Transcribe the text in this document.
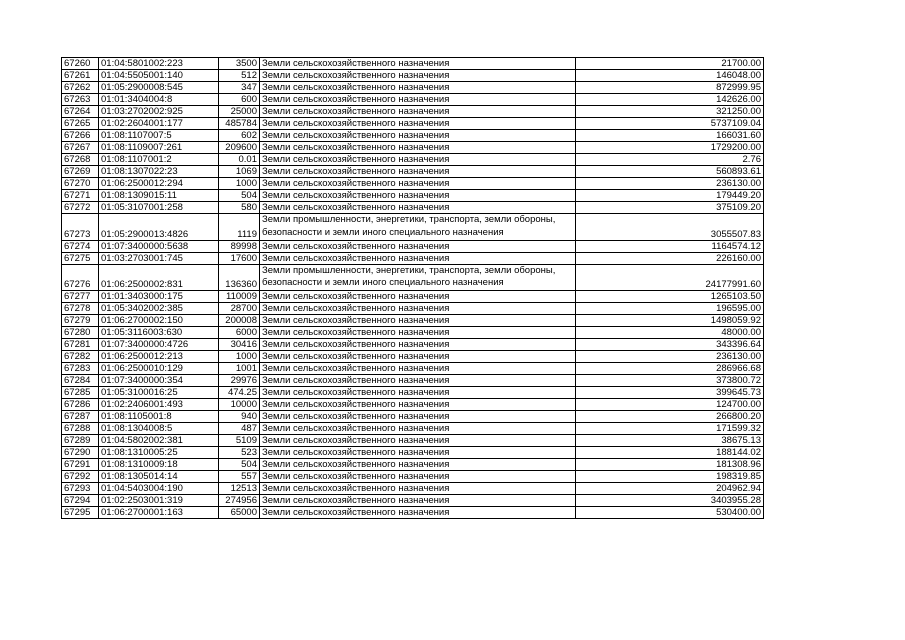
67260	01:04:5801002:223	3500	Земли сельскохозяйственного назначения	21700.00
67261	01:04:5505001:140	512	Земли сельскохозяйственного назначения	146048.00
67262	01:05:2900008:545	347	Земли сельскохозяйственного назначения	872999.95
67263	01:01:3404004:8	600	Земли сельскохозяйственного назначения	142626.00
67264	01:03:2702002:925	25000	Земли сельскохозяйственного назначения	321250.00
67265	01:02:2604001:177	485784	Земли сельскохозяйственного назначения	5737109.04
67266	01:08:1107007:5	602	Земли сельскохозяйственного назначения	166031.60
67267	01:08:1109007:261	209600	Земли сельскохозяйственного назначения	1729200.00
67268	01:08:1107001:2	0.01	Земли сельскохозяйственного назначения	2.76
67269	01:08:1307022:23	1069	Земли сельскохозяйственного назначения	560893.61
67270	01:06:2500012:294	1000	Земли сельскохозяйственного назначения	236130.00
67271	01:08:1309015:11	504	Земли сельскохозяйственного назначения	179449.20
67272	01:05:3107001:258	580	Земли сельскохозяйственного назначения	375109.20
67273	01:05:2900013:4826	1119	Земли промышленности, энергетики, транспорта, земли обороны, безопасности и земли иного специального назначения	3055507.83
67274	01:07:3400000:5638	89998	Земли сельскохозяйственного назначения	1164574.12
67275	01:03:2703001:745	17600	Земли сельскохозяйственного назначения	226160.00
67276	01:06:2500002:831	136360	Земли промышленности, энергетики, транспорта, земли обороны, безопасности и земли иного специального назначения	24177991.60
67277	01:01:3403000:175	110009	Земли сельскохозяйственного назначения	1265103.50
67278	01:05:3402002:385	28700	Земли сельскохозяйственного назначения	196595.00
67279	01:06:2700002:150	200008	Земли сельскохозяйственного назначения	1498059.92
67280	01:05:3116003:630	6000	Земли сельскохозяйственного назначения	48000.00
67281	01:07:3400000:4726	30416	Земли сельскохозяйственного назначения	343396.64
67282	01:06:2500012:213	1000	Земли сельскохозяйственного назначения	236130.00
67283	01:06:2500010:129	1001	Земли сельскохозяйственного назначения	286966.68
67284	01:07:3400000:354	29976	Земли сельскохозяйственного назначения	373800.72
67285	01:05:3100016:25	474.25	Земли сельскохозяйственного назначения	399645.73
67286	01:02:2406001:493	10000	Земли сельскохозяйственного назначения	124700.00
67287	01:08:1105001:8	940	Земли сельскохозяйственного назначения	266800.20
67288	01:08:1304008:5	487	Земли сельскохозяйственного назначения	171599.32
67289	01:04:5802002:381	5109	Земли сельскохозяйственного назначения	38675.13
67290	01:08:1310005:25	523	Земли сельскохозяйственного назначения	188144.02
67291	01:08:1310009:18	504	Земли сельскохозяйственного назначения	181308.96
67292	01:08:1305014:14	557	Земли сельскохозяйственного назначения	198319.85
67293	01:04:5403004:190	12513	Земли сельскохозяйственного назначения	204962.94
67294	01:02:2503001:319	274956	Земли сельскохозяйственного назначения	3403955.28
67295	01:06:2700001:163	65000	Земли сельскохозяйственного назначения	530400.00
